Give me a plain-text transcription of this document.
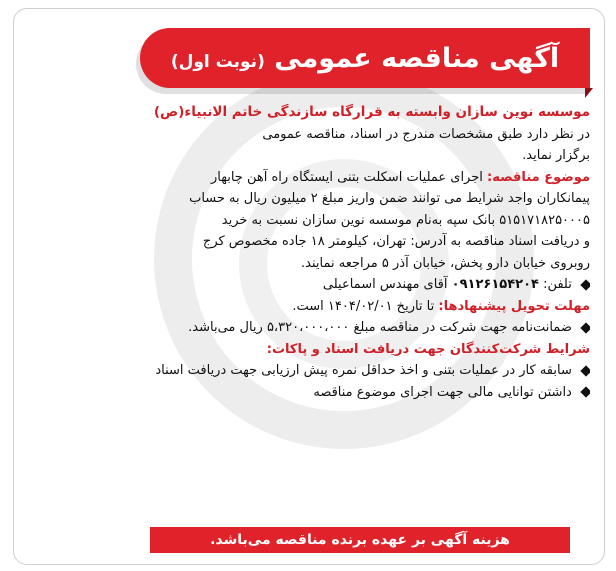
آگهی مناقصه عمومی (نوبت اول)
موسسه نوین سازان وابسته به قرارگاه سازندگی خاتم الانبیاء(ص)
در نظر دارد طبق مشخصات مندرج در اسناد، مناقصه عمومی
برگزار نماید.
موضوع مناقصه: اجرای عملیات اسکلت بتنی ایستگاه راه آهن چابهار
پیمانکاران واجد شرایط می توانند ضمن واریز مبلغ ۲ میلیون ریال به حساب
۵۱۵۱۷۱۸۲۵۰۰۰۵ بانک سپه به‌نام موسسه نوین سازان نسبت به خرید
و دریافت اسناد مناقصه به آدرس: تهران، کیلومتر ۱۸ جاده مخصوص کرج
روبروی خیابان دارو پخش، خیابان آذر ۵ مراجعه نمایند.
تلفن: ۰۹۱۲۶۱۵۴۲۰۴ آقای مهندس اسماعیلی
مهلت تحویل پیشنهادها: تا تاریخ ۱۴۰۴/۰۲/۰۱ است.
ضمانت‌نامه جهت شرکت در مناقصه مبلغ ۵،۳۲۰،۰۰۰،۰۰۰ ریال می‌باشد.
شرایط شرکت‌کنندگان جهت دریافت اسناد و پاکات:
سابقه کار در عملیات بتنی و اخذ حداقل نمره پیش ارزیابی جهت دریافت اسناد
داشتن توانایی مالی جهت اجرای موضوع مناقصه
هزینه آگهی بر عهده برنده مناقصه می‌باشد.
